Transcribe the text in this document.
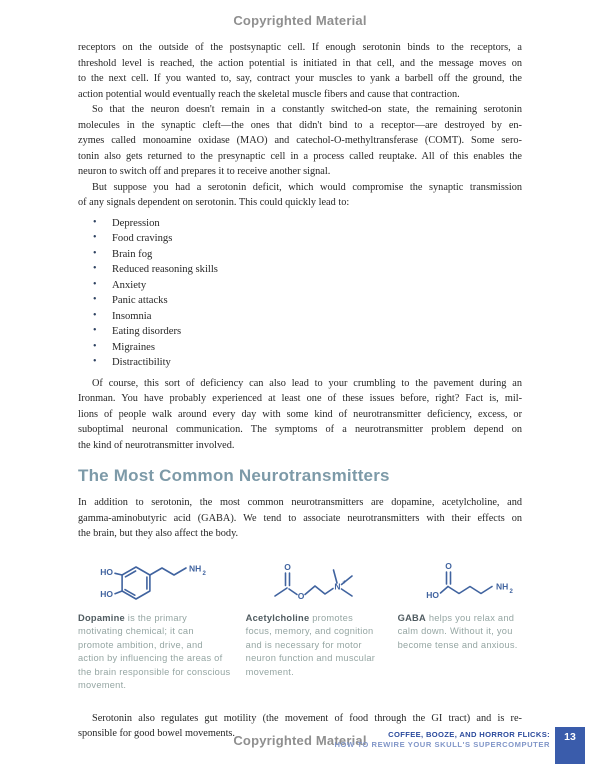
Copyrighted Material
receptors on the outside of the postsynaptic cell. If enough serotonin binds to the receptors, a
threshold level is reached, the action potential is initiated in that cell, and the message moves on
to the next cell. If you wanted to, say, contract your muscles to yank a barbell off the ground, the
action potential would eventually reach the skeletal muscle fibers and cause that contraction.
So that the neuron doesn't remain in a constantly switched-on state, the remaining serotonin
molecules in the synaptic cleft—the ones that didn't bind to a receptor—are destroyed by en-
zymes called monoamine oxidase (MAO) and catechol-O-methyltransferase (COMT). Some sero-
tonin also gets returned to the presynaptic cell in a process called reuptake. All of this enables the
neuron to switch off and prepares it to receive another signal.
But suppose you had a serotonin deficit, which would compromise the synaptic transmission
of any signals dependent on serotonin. This could quickly lead to:
• Depression
• Food cravings
• Brain fog
• Reduced reasoning skills
• Anxiety
• Panic attacks
• Insomnia
• Eating disorders
• Migraines
• Distractibility
Of course, this sort of deficiency can also lead to your crumbling to the pavement during an
Ironman. You have probably experienced at least one of these issues before, right? Fact is, mil-
lions of people walk around every day with some kind of neurotransmitter deficiency, excess, or
suboptimal neuronal communication. The symptoms of a neurotransmitter problem depend on
the kind of neurotransmitter involved.
The Most Common Neurotransmitters
In addition to serotonin, the most common neurotransmitters are dopamine, acetylcholine, and
gamma-aminobutyric acid (GABA). We tend to associate neurotransmitters with their effects on
the brain, but they also affect the body.
HO
HO
NH
2
O
O
N +
O
HO
NH
2
Dopamine is the primary motivating chemical; it can promote ambition, drive, and action by influencing the areas of the brain responsible for conscious movement.
Acetylcholine promotes focus, memory, and cognition and is necessary for motor neuron function and muscular movement.
GABA helps you relax and calm down. Without it, you become tense and anxious.
Serotonin also regulates gut motility (the movement of food through the GI tract) and is re-
sponsible for good bowel movements.
Copyrighted Material	COFFEE, BOOZE, AND HORROR FLICKS:
HOW TO REWIRE YOUR SKULL'S SUPERCOMPUTER
13
